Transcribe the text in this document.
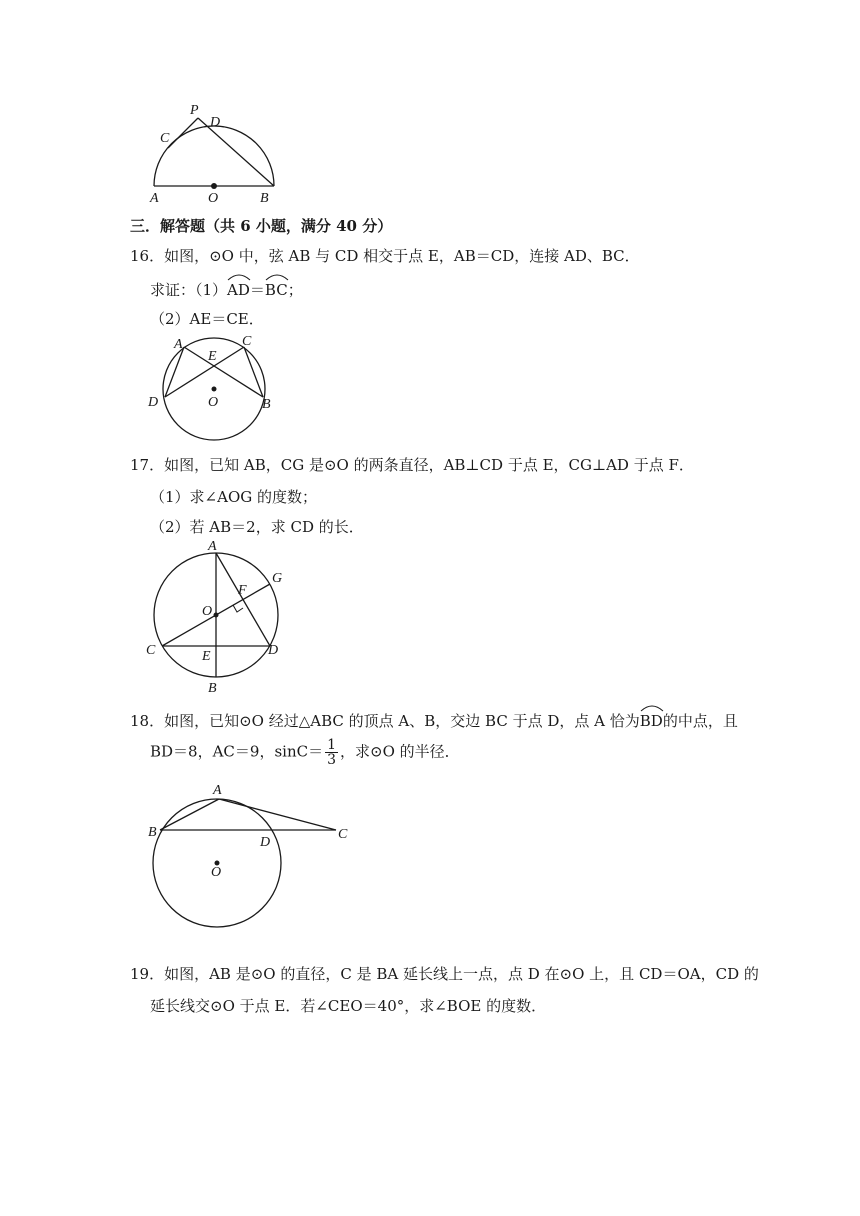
P
C
D
A	O	B
三．解答题（共 6 小题，满分 40 分）
16．如图，⊙O 中，弦 AB 与 CD 相交于点 E，AB＝CD，连接 AD、BC．
求证：（1）
AD＝
BC；
（2）AE＝CE．
A	C
E
D	O	B
17．如图，已知 AB，CG 是⊙O 的两条直径，AB⊥CD 于点 E，CG⊥AD 于点 F．
（1）求∠AOG 的度数；
（2）若 AB＝2，求 CD 的长．
A
G
F
O
C	E	D
B
18．如图，已知⊙O 经过△ABC 的顶点 A、B，交边 BC 于点 D，点 A 恰为
BD的中点，且
BD＝8，AC＝9，$\sin C= \frac{1}{3}$ ，求⊙O 的半径．
A
B	C
D
O
19．如图，AB 是⊙O 的直径，C 是 BA 延长线上一点，点 D 在⊙O 上，且 CD＝OA，CD 的
延长线交⊙O 于点 E．若∠CEO＝40°，求∠BOE 的度数．
